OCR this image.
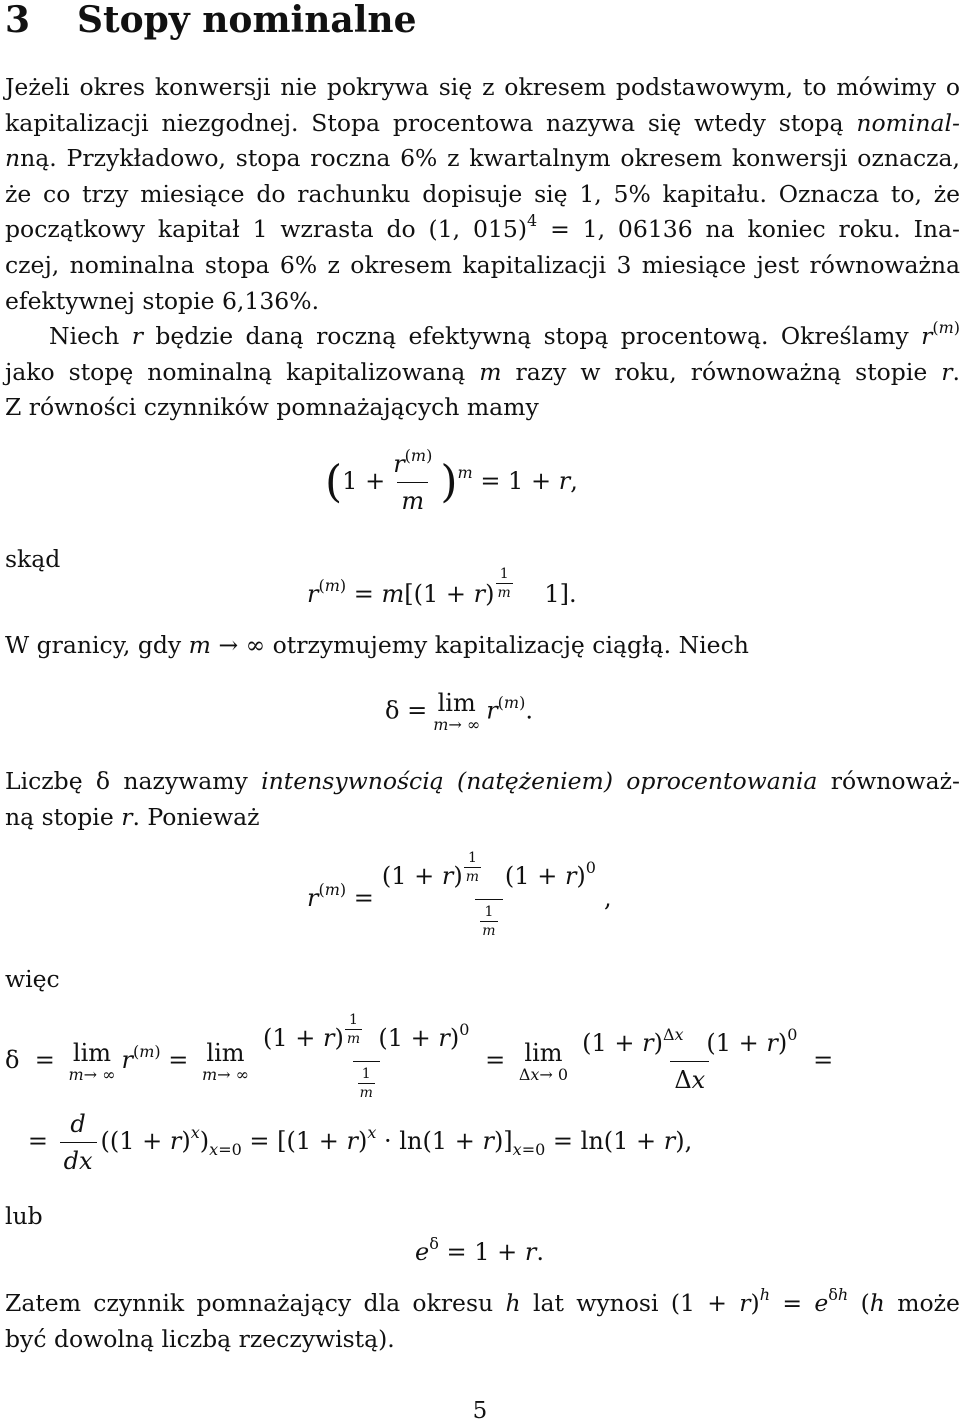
3 Stopy nominalne
Jeżeli okres konwersji nie pokrywa się z okresem podstawowym, to mówimy o
kapitalizacji niezgodnej. Stopa procentowa nazywa się wtedy stopą nominal-
nną. Przykładowo, stopa roczna 6% z kwartalnym okresem konwersji oznacza,
że co trzy miesiące do rachunku dopisuje się 1, 5% kapitału. Oznacza to, że
początkowy kapitał 1 wzrasta do (1, 015)$^4$ = 1, 06136 na koniec roku. Ina-
czej, nominalna stopa 6% z okresem kapitalizacji 3 miesiące jest równoważna
efektywnej stopie 6,136%.
Niech r będzie daną roczną efektywną stopą procentową. Określamy $r^{(m)}$
jako stopę nominalną kapitalizowaną m razy w roku, równoważną stopie r.
Z równości czynników pomnażających mamy
$(1 + \frac{r^{(m)}}{m} )^m = 1 + r$,
skąd
$r^{(m)} = m[(1 + r) \frac{1}{m} 1]$.
W granicy, gdy m → ∞ otrzymujemy kapitalizację ciągłą. Niech
δ = lim
m→ ∞ $r^{(m)}$.
Liczbę δ nazywamy intensywnością (natężeniem) oprocentowania równoważ-
ną stopie r. Ponieważ
$r^{(m)} = \frac{(1 + r) \frac{1}{m} (1 + r)^0}{\frac{1}{m}}$ ,
więc
δ  = lim
m→ ∞ $r^{(m)} = \lim$
m→ ∞ $\frac{(1 + r) \frac{1}{m} (1 + r)^0}{\frac{1}{m}} = \lim$
$\Delta x\to 0 \frac{(1 + r)^{\Delta x} (1 + r)^0}{\Delta x}$ =
= $\frac{d}{dx} ((1 + r)^x)_{x=0} = [(1 + r)^x \cdot \ln(1 + r)]_{x=0} = \ln(1 + r)$,
lub
$e^\delta = 1 + r$.
Zatem czynnik pomnażający dla okresu h lat wynosi $(1 + r)^h = e^{\delta h}$ (h może
być dowolną liczbą rzeczywistą).
5
